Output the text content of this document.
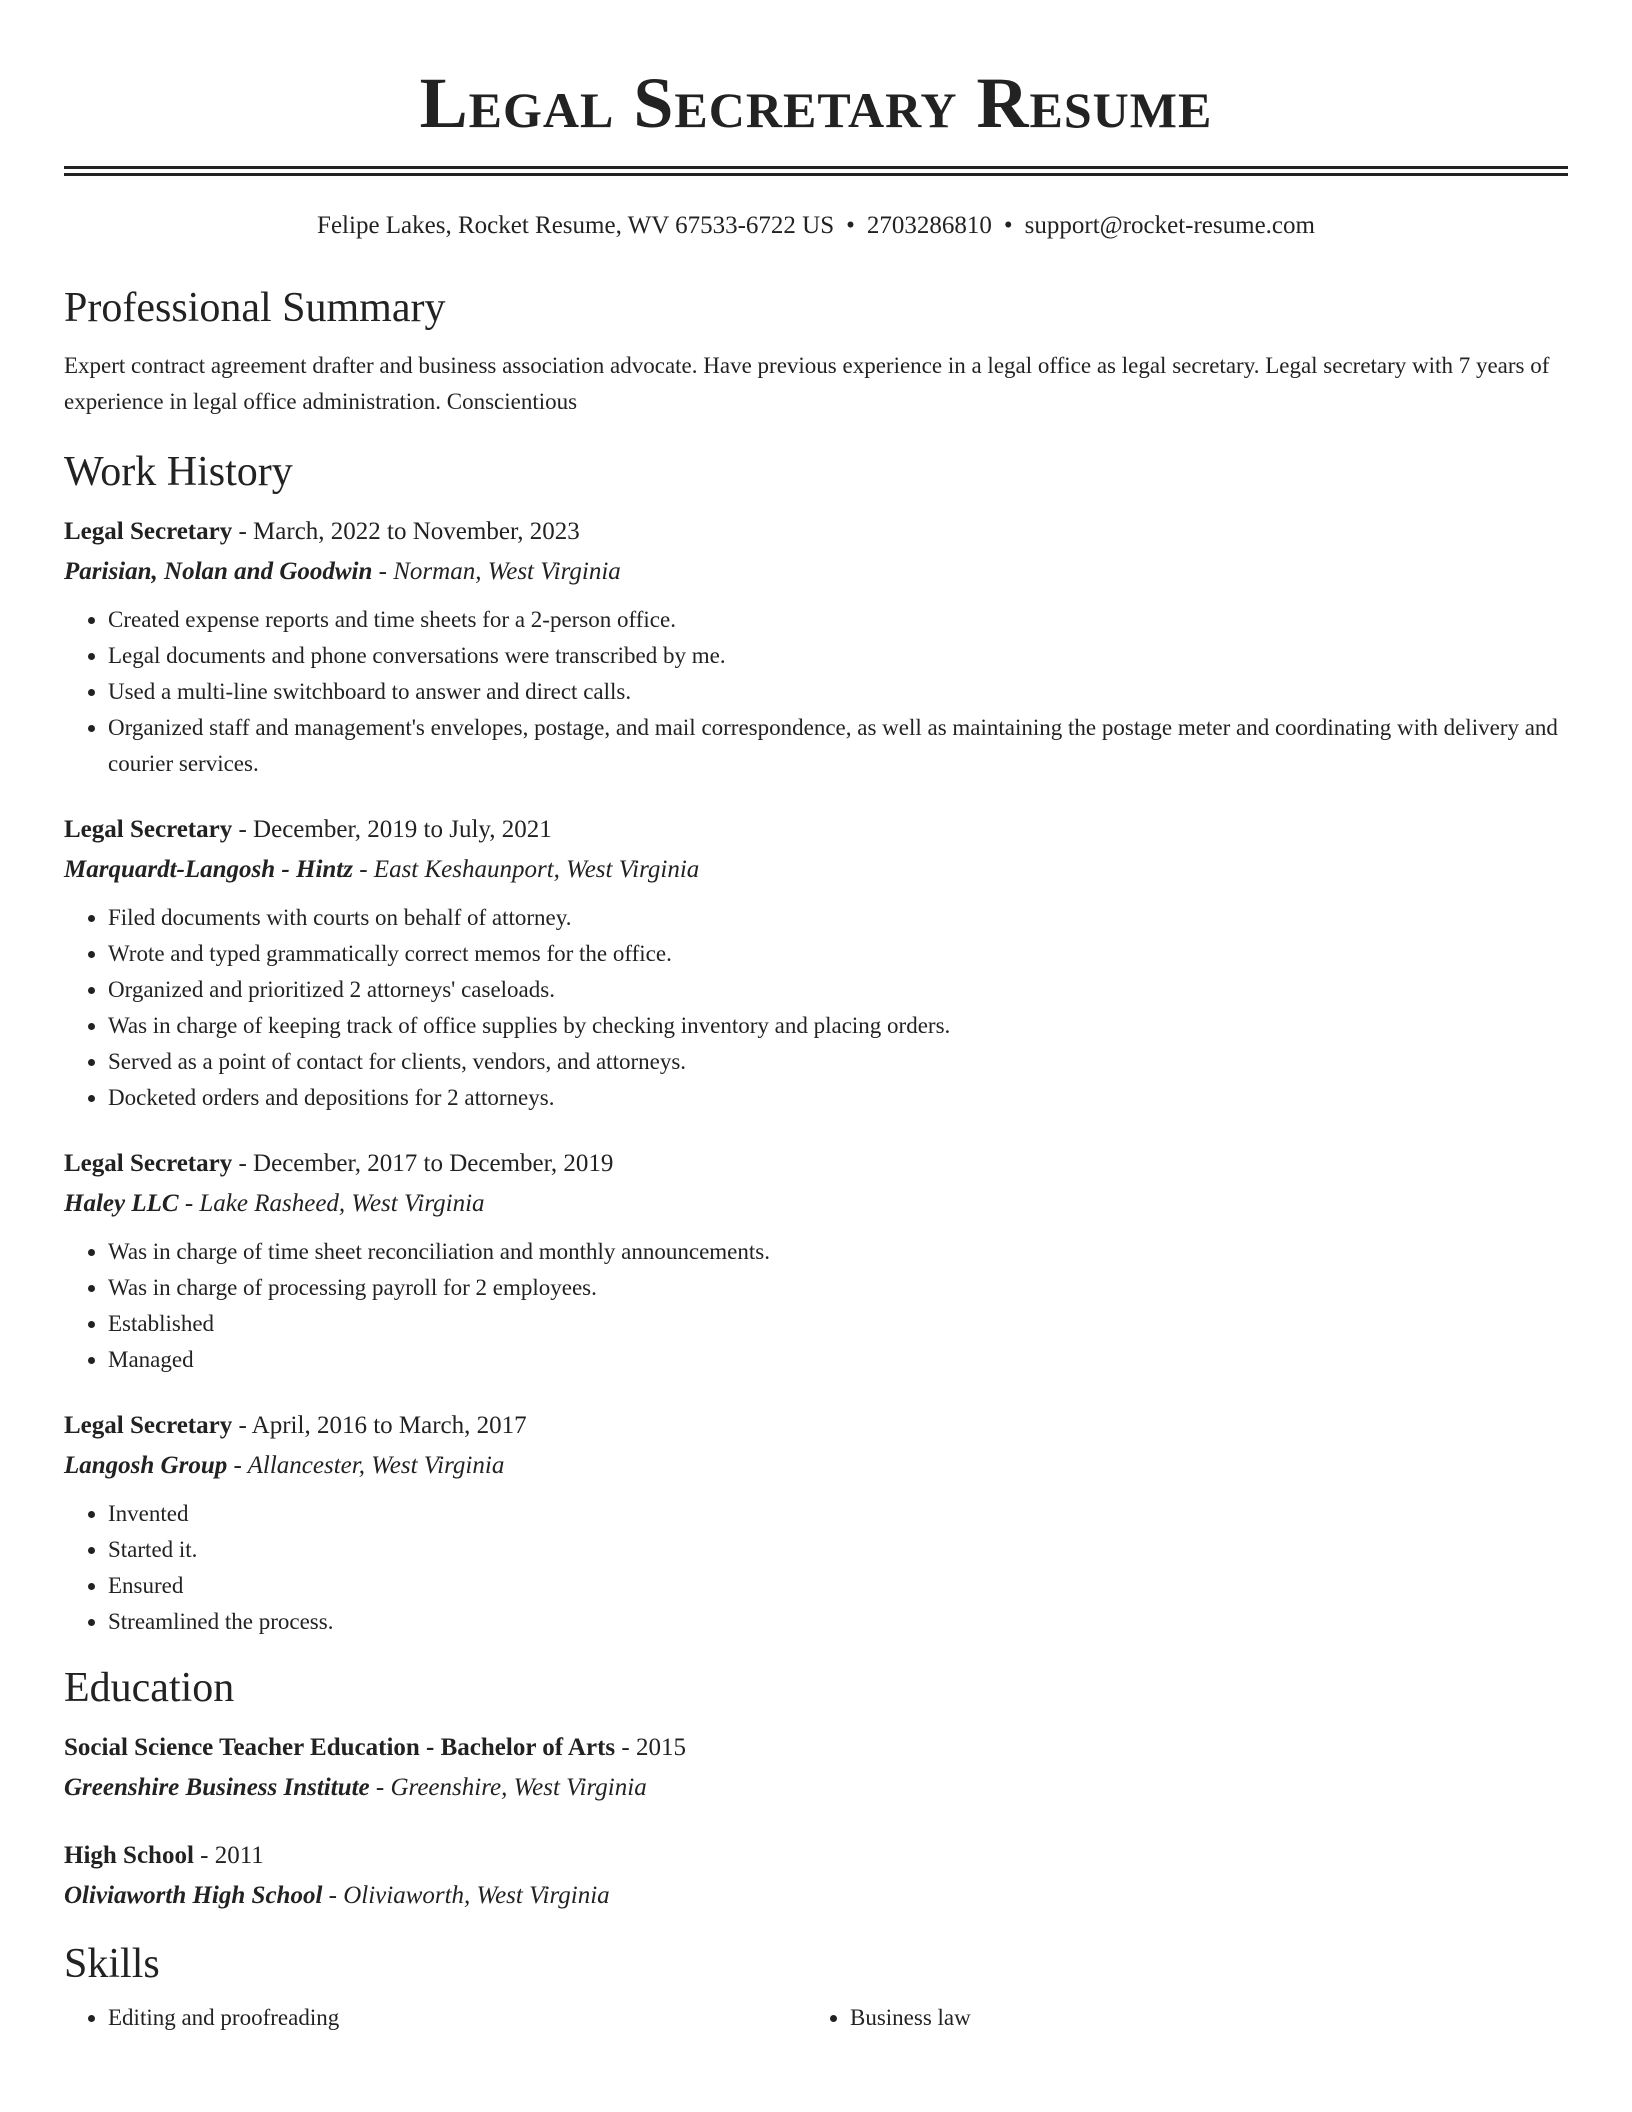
Legal Secretary Resume
Felipe Lakes, Rocket Resume, WV 67533-6722 US • 2703286810 • support@rocket-resume.com
Professional Summary
Expert contract agreement drafter and business association advocate. Have previous experience in a legal office as legal secretary. Legal secretary with 7 years of experience in legal office administration. Conscientious
Work History
Legal Secretary - March, 2022 to November, 2023
Parisian, Nolan and Goodwin - Norman, West Virginia
• Created expense reports and time sheets for a 2-person office.
• Legal documents and phone conversations were transcribed by me.
• Used a multi-line switchboard to answer and direct calls.
• Organized staff and management's envelopes, postage, and mail correspondence, as well as maintaining the postage meter and coordinating with delivery and courier services.
Legal Secretary - December, 2019 to July, 2021
Marquardt-Langosh - Hintz - East Keshaunport, West Virginia
• Filed documents with courts on behalf of attorney.
• Wrote and typed grammatically correct memos for the office.
• Organized and prioritized 2 attorneys' caseloads.
• Was in charge of keeping track of office supplies by checking inventory and placing orders.
• Served as a point of contact for clients, vendors, and attorneys.
• Docketed orders and depositions for 2 attorneys.
Legal Secretary - December, 2017 to December, 2019
Haley LLC - Lake Rasheed, West Virginia
• Was in charge of time sheet reconciliation and monthly announcements.
• Was in charge of processing payroll for 2 employees.
• Established
• Managed
Legal Secretary - April, 2016 to March, 2017
Langosh Group - Allancester, West Virginia
• Invented
• Started it.
• Ensured
• Streamlined the process.
Education
Social Science Teacher Education - Bachelor of Arts - 2015
Greenshire Business Institute - Greenshire, West Virginia
High School - 2011
Oliviaworth High School - Oliviaworth, West Virginia
Skills
• Editing and proofreading
•	Business law
